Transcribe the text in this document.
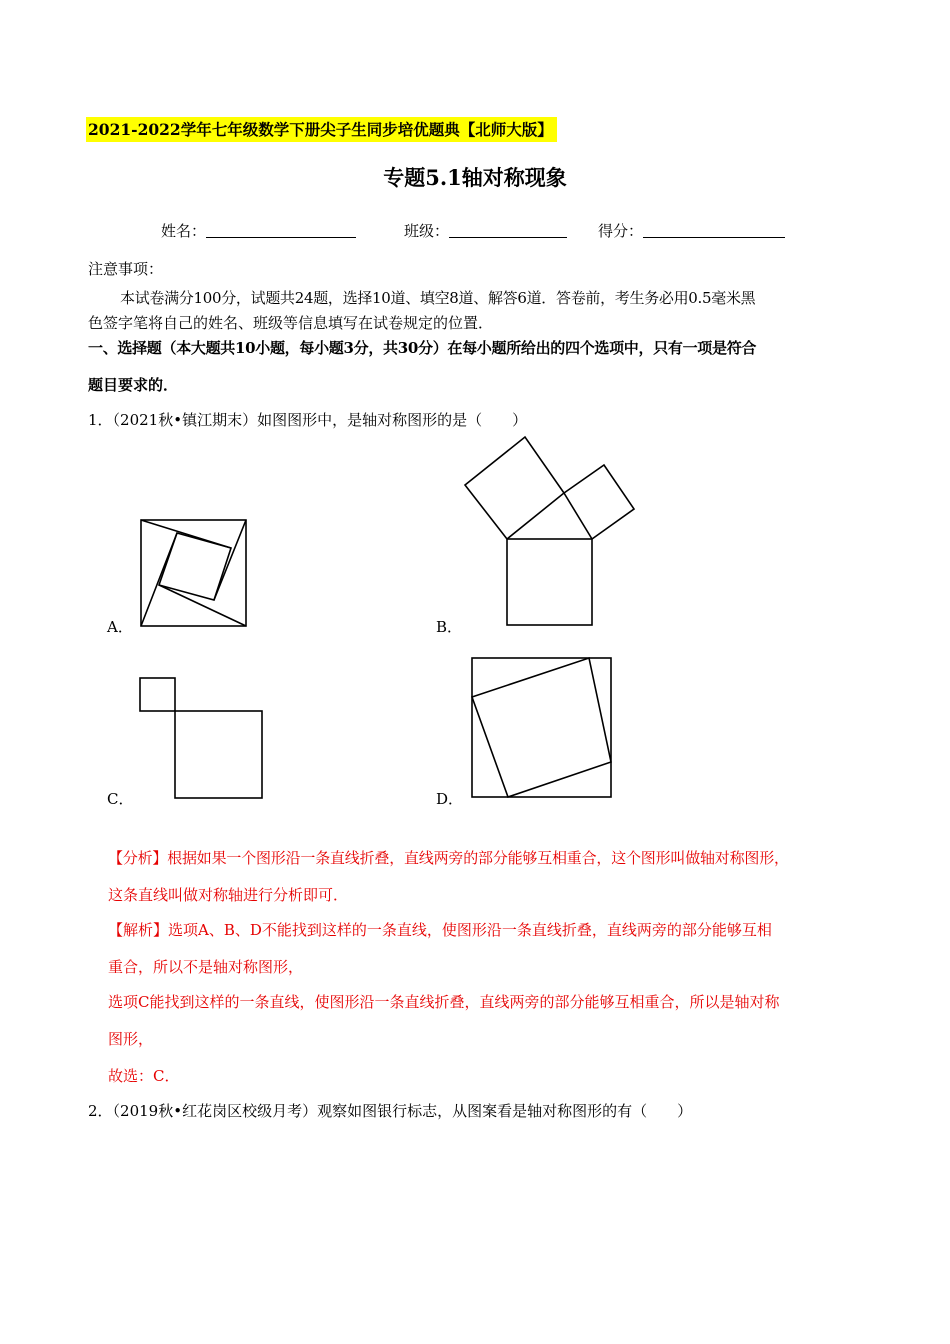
2021-2022学年七年级数学下册尖子生同步培优题典【北师大版】
专题5.1轴对称现象
姓名：	班级：	得分：
注意事项：
本试卷满分100分，试题共24题，选择10道、填空8道、解答6道．答卷前，考生务必用0.5毫米黑
色签字笔将自己的姓名、班级等信息填写在试卷规定的位置．
一、选择题（本大题共10小题，每小题3分，共30分）在每小题所给出的四个选项中，只有一项是符合
题目要求的．
1．（2021秋•镇江期末）如图图形中，是轴对称图形的是（　　）
A．	B．
C．	D．
【分析】根据如果一个图形沿一条直线折叠，直线两旁的部分能够互相重合，这个图形叫做轴对称图形，
这条直线叫做对称轴进行分析即可．
【解析】选项A、B、D不能找到这样的一条直线，使图形沿一条直线折叠，直线两旁的部分能够互相
重合，所以不是轴对称图形，
选项C能找到这样的一条直线，使图形沿一条直线折叠，直线两旁的部分能够互相重合，所以是轴对称
图形，
故选：C．
2．（2019秋•红花岗区校级月考）观察如图银行标志，从图案看是轴对称图形的有（　　）
